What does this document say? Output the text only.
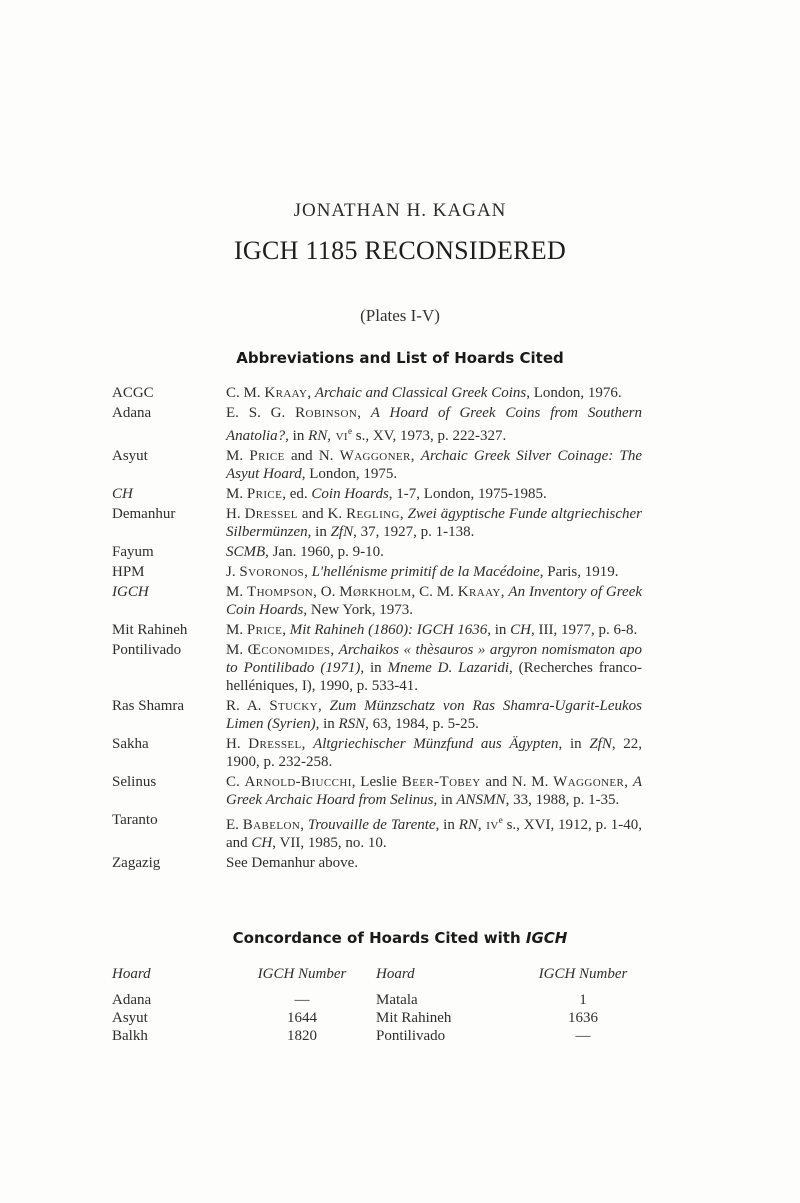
JONATHAN H. KAGAN
IGCH 1185 RECONSIDERED
(Plates I-V)
Abbreviations and List of Hoards Cited
ACGC	C. M. Kraay, Archaic and Classical Greek Coins, London, 1976.
Adana	E. S. G. Robinson, A Hoard of Greek Coins from Southern Anatolia?, in RN, $vi^e$ s., XV, 1973, p. 222-327.
Asyut	M. Price and N. Waggoner, Archaic Greek Silver Coinage: The Asyut Hoard, London, 1975.
CH	M. Price, ed. Coin Hoards, 1-7, London, 1975-1985.
Demanhur	H. Dressel and K. Regling, Zwei ägyptische Funde altgriechischer Silbermünzen, in ZfN, 37, 1927, p. 1-138.
Fayum	SCMB, Jan. 1960, p. 9-10.
HPM	J. Svoronos, L'hellénisme primitif de la Macédoine, Paris, 1919.
IGCH	M. Thompson, O. Mørkholm, C. M. Kraay, An Inventory of Greek Coin Hoards, New York, 1973.
Mit Rahineh	M. Price, Mit Rahineh (1860): IGCH 1636, in CH, III, 1977, p. 6-8.
Pontilivado	M. Œconomides, Archaikos « thèsauros » argyron nomismaton apo to Pontilibado (1971), in Mneme D. Lazaridi, (Recherches franco-helléniques, I), 1990, p. 533-41.
Ras Shamra	R. A. Stucky, Zum Münzschatz von Ras Shamra-Ugarit-Leukos Limen (Syrien), in RSN, 63, 1984, p. 5-25.
Sakha	H. Dressel, Altgriechischer Münzfund aus Ägypten, in ZfN, 22, 1900, p. 232-258.
Selinus	C. Arnold-Biucchi, Leslie Beer-Tobey and N. M. Waggoner, A Greek Archaic Hoard from Selinus, in ANSMN, 33, 1988, p. 1-35.
Taranto	E. Babelon, Trouvaille de Tarente, in RN, $iv^e$ s., XVI, 1912, p. 1-40, and CH, VII, 1985, no. 10.
Zagazig	See Demanhur above.
Concordance of Hoards Cited with IGCH
Hoard	IGCH Number	Hoard	IGCH Number
Adana	—	Matala	1
Asyut	1644	Mit Rahineh	1636
Balkh	1820	Pontilivado	—
